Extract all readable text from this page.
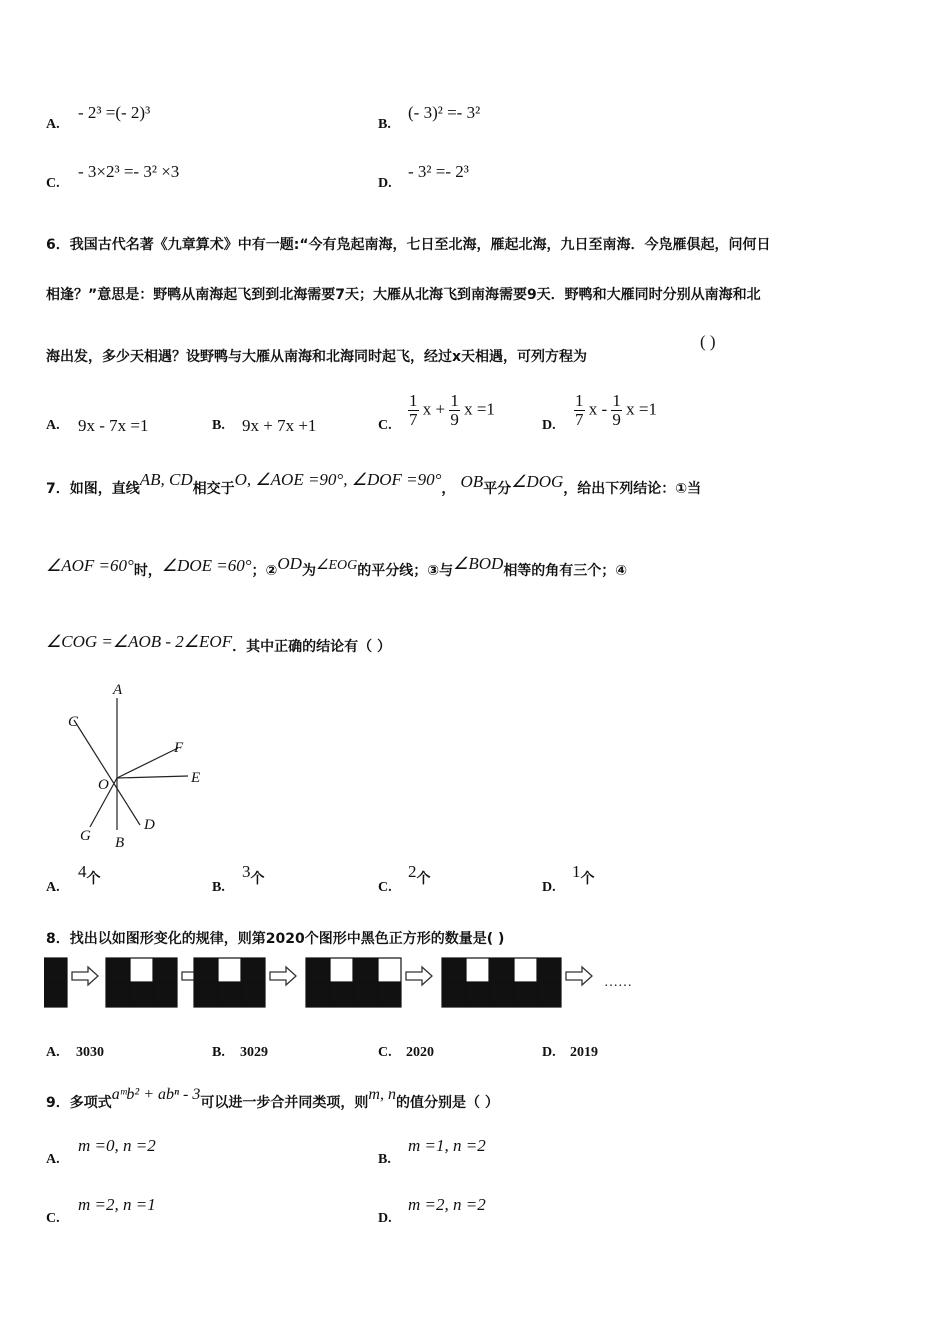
A.
- 2³ =(- 2)³
B.
(- 3)² =- 3²
C.
- 3×2³ =- 3² ×3
D.
- 3² =- 2³
6．我国古代名著《九章算术》中有一题:“今有凫起南海，七日至北海，雁起北海，九日至南海．今凫雁俱起，问何日
相逢？”意思是：野鸭从南海起飞到到北海需要7天；大雁从北海飞到南海需要9天．野鸭和大雁同时分别从南海和北
海出发，多少天相遇？设野鸭与大雁从南海和北海同时起飞，经过x天相遇，可列方程为
( )
A. 9x - 7x =1	B. 9x + 7x +1	C. $\frac{1}{7}$ $x + \frac{1}{9}$ x =1
D. $\frac{1}{7}$ x - $\frac{1}{9}$ x =1
7．如图，直线AB, CD相交于O, ∠AOE =90°, ∠DOF =90°， OB平分∠DOG，给出下列结论：①当
∠AOF =60°时，∠DOE =60°；②OD为∠EOG的平分线；③与∠BOD相等的角有三个；④
∠COG =∠AOB - 2∠EOF．其中正确的结论有（ ）
A
B
C
D
E
F
G
O
A.
4个
B.
3个
C.
2个
D.
1个
8．找出以如图形变化的规律，则第2020个图形中黑色正方形的数量是( )
……
A. 3030	B. 3029	C. 2020	D. 2019
9．多项式aᵐb² + abⁿ - 3可以进一步合并同类项，则m, n的值分别是（ ）
A.
m =0, n =2
B.
m =1, n =2
C.
m =2, n =1
D.
m =2, n =2
